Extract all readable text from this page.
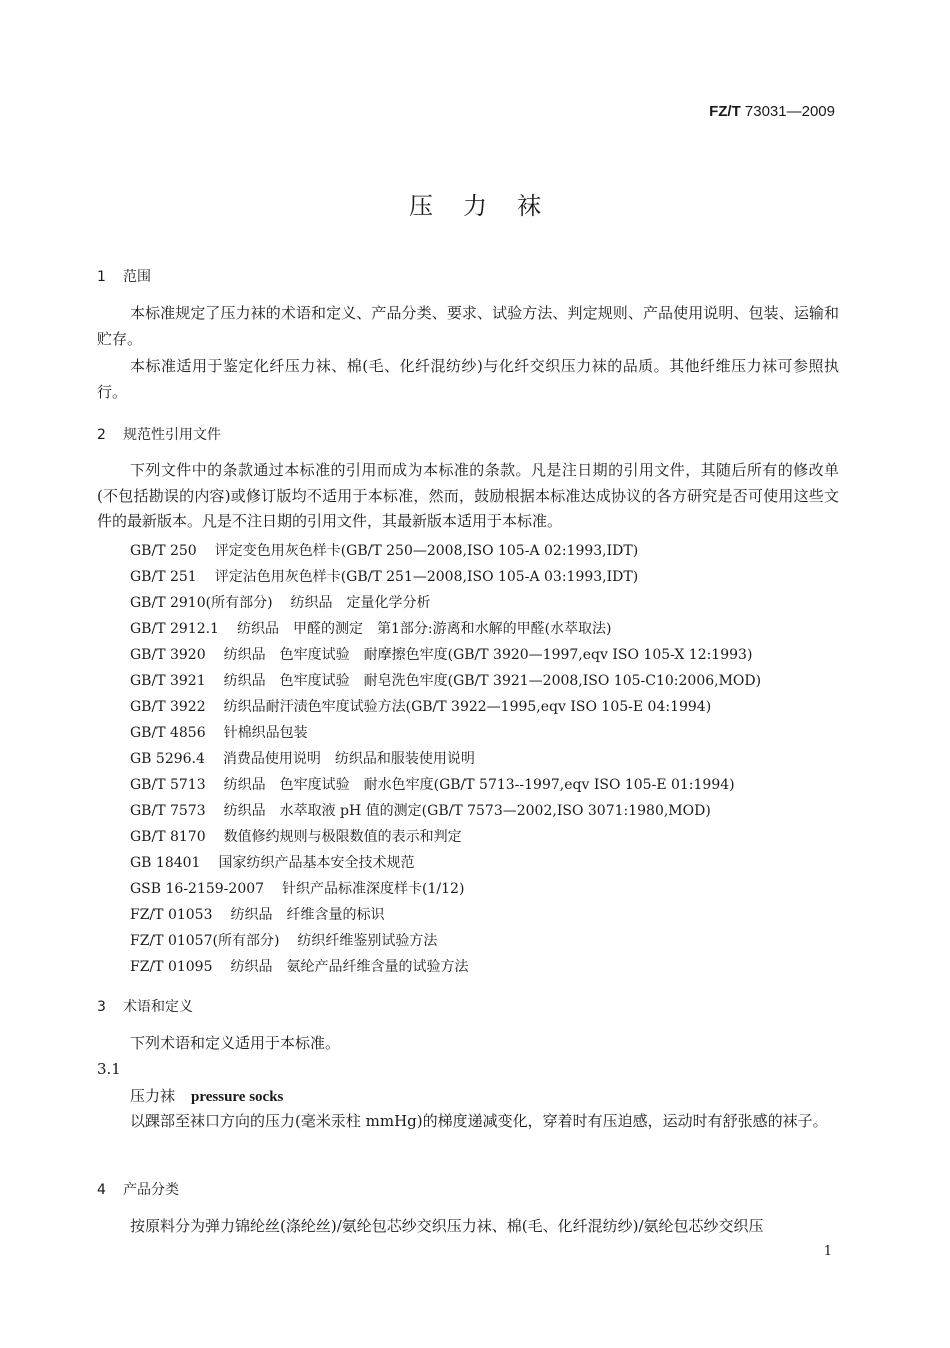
FZ/T 73031—2009
压力袜
1 范围
本标准规定了压力袜的术语和定义、产品分类、要求、试验方法、判定规则、产品使用说明、包装、运输和贮存。
本标准适用于鉴定化纤压力袜、棉(毛、化纤混纺纱)与化纤交织压力袜的品质。其他纤维压力袜可参照执行。
2 规范性引用文件
下列文件中的条款通过本标准的引用而成为本标准的条款。凡是注日期的引用文件，其随后所有的修改单(不包括勘误的内容)或修订版均不适用于本标准，然而，鼓励根据本标准达成协议的各方研究是否可使用这些文件的最新版本。凡是不注日期的引用文件，其最新版本适用于本标准。
GB/T 250 评定变色用灰色样卡(GB/T 250—2008,ISO 105-A 02:1993,IDT)
GB/T 251 评定沾色用灰色样卡(GB/T 251—2008,ISO 105-A 03:1993,IDT)
GB/T 2910(所有部分) 纺织品　定量化学分析
GB/T 2912.1 纺织品　甲醛的测定　第1部分:游离和水解的甲醛(水萃取法)
GB/T 3920 纺织品　色牢度试验　耐摩擦色牢度(GB/T 3920—1997,eqv ISO 105-X 12:1993)
GB/T 3921 纺织品　色牢度试验　耐皂洗色牢度(GB/T 3921—2008,ISO 105-C10:2006,MOD)
GB/T 3922 纺织品耐汗渍色牢度试验方法(GB/T 3922—1995,eqv ISO 105-E 04:1994)
GB/T 4856 针棉织品包装
GB 5296.4 消费品使用说明　纺织品和服装使用说明
GB/T 5713 纺织品　色牢度试验　耐水色牢度(GB/T 5713--1997,eqv ISO 105-E 01:1994)
GB/T 7573 纺织品　水萃取液 pH 值的测定(GB/T 7573—2002,ISO 3071:1980,MOD)
GB/T 8170 数值修约规则与极限数值的表示和判定
GB 18401 国家纺织产品基本安全技术规范
GSB 16-2159-2007 针织产品标准深度样卡(1/12)
FZ/T 01053 纺织品　纤维含量的标识
FZ/T 01057(所有部分) 纺织纤维鉴别试验方法
FZ/T 01095 纺织品　氨纶产品纤维含量的试验方法
3 术语和定义
下列术语和定义适用于本标准。
3.1
压力袜 pressure socks
以踝部至袜口方向的压力(毫米汞柱 mmHg)的梯度递减变化，穿着时有压迫感，运动时有舒张感的袜子。
4 产品分类
按原料分为弹力锦纶丝(涤纶丝)/氨纶包芯纱交织压力袜、棉(毛、化纤混纺纱)/氨纶包芯纱交织压
1
